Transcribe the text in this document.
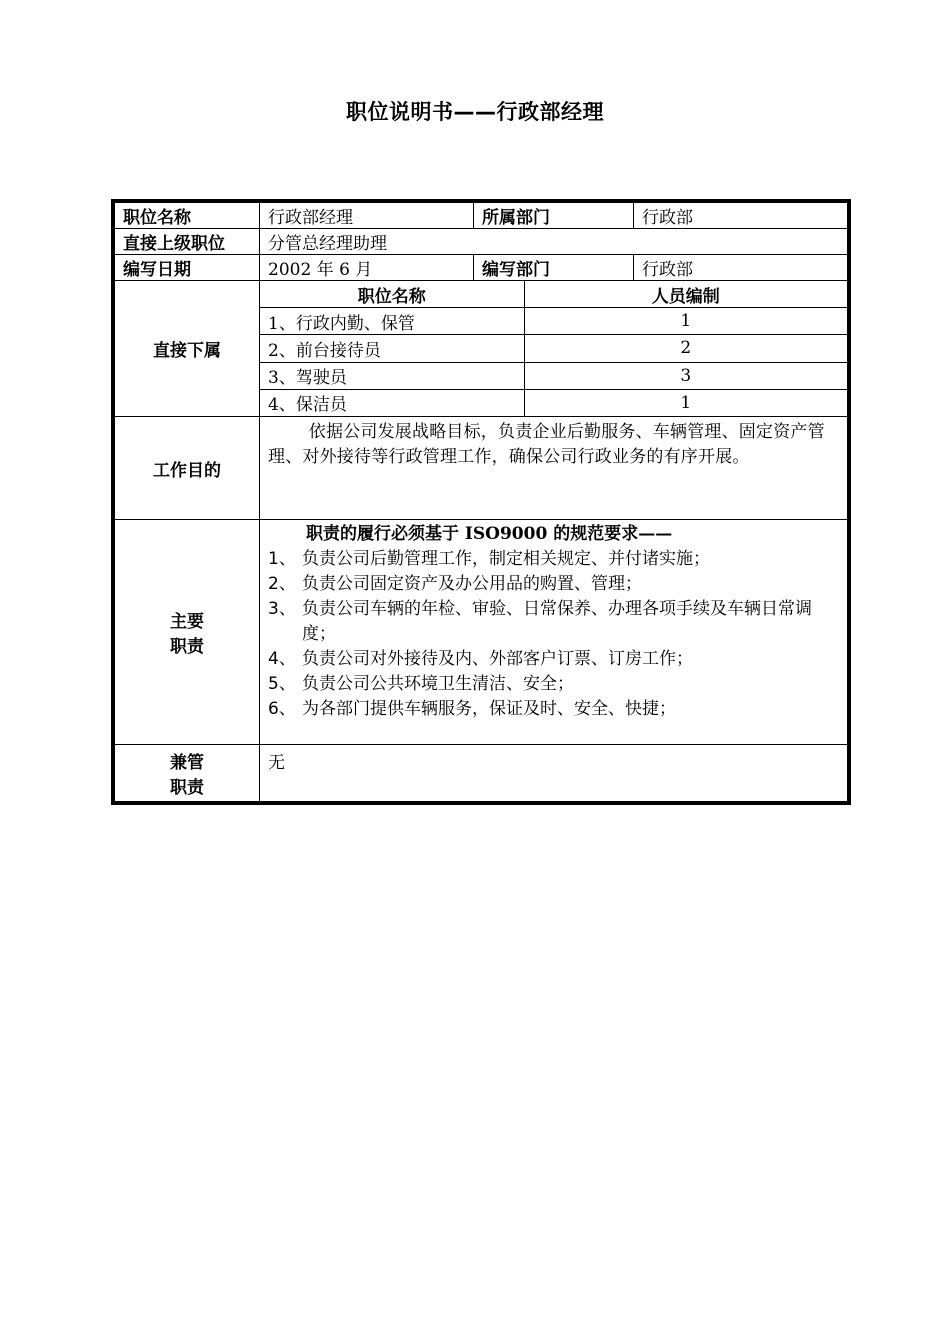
职位说明书——行政部经理
职位名称	行政部经理	所属部门	行政部
直接上级职位	分管总经理助理
编写日期	2002 年 6 月	编写部门	行政部
直接下属	
职位名称	人员编制
1、行政内勤、保管	1
2、前台接待员	2
3、驾驶员	3
4、保洁员	1

工作目的	依据公司发展战略目标，负责企业后勤服务、车辆管理、固定资产管理、对外接待等行政管理工作，确保公司行政业务的有序开展。

主要
职责

职责的履行必须基于 ISO9000 的规范要求——
1、 负责公司后勤管理工作，制定相关规定、并付诸实施；
2、 负责公司固定资产及办公用品的购置、管理；
3、 负责公司车辆的年检、审验、日常保养、办理各项手续及车辆日常调度；
4、 负责公司对外接待及内、外部客户订票、订房工作；
5、 负责公司公共环境卫生清洁、安全；
6、 为各部门提供车辆服务，保证及时、安全、快捷；

兼管
职责
	无
